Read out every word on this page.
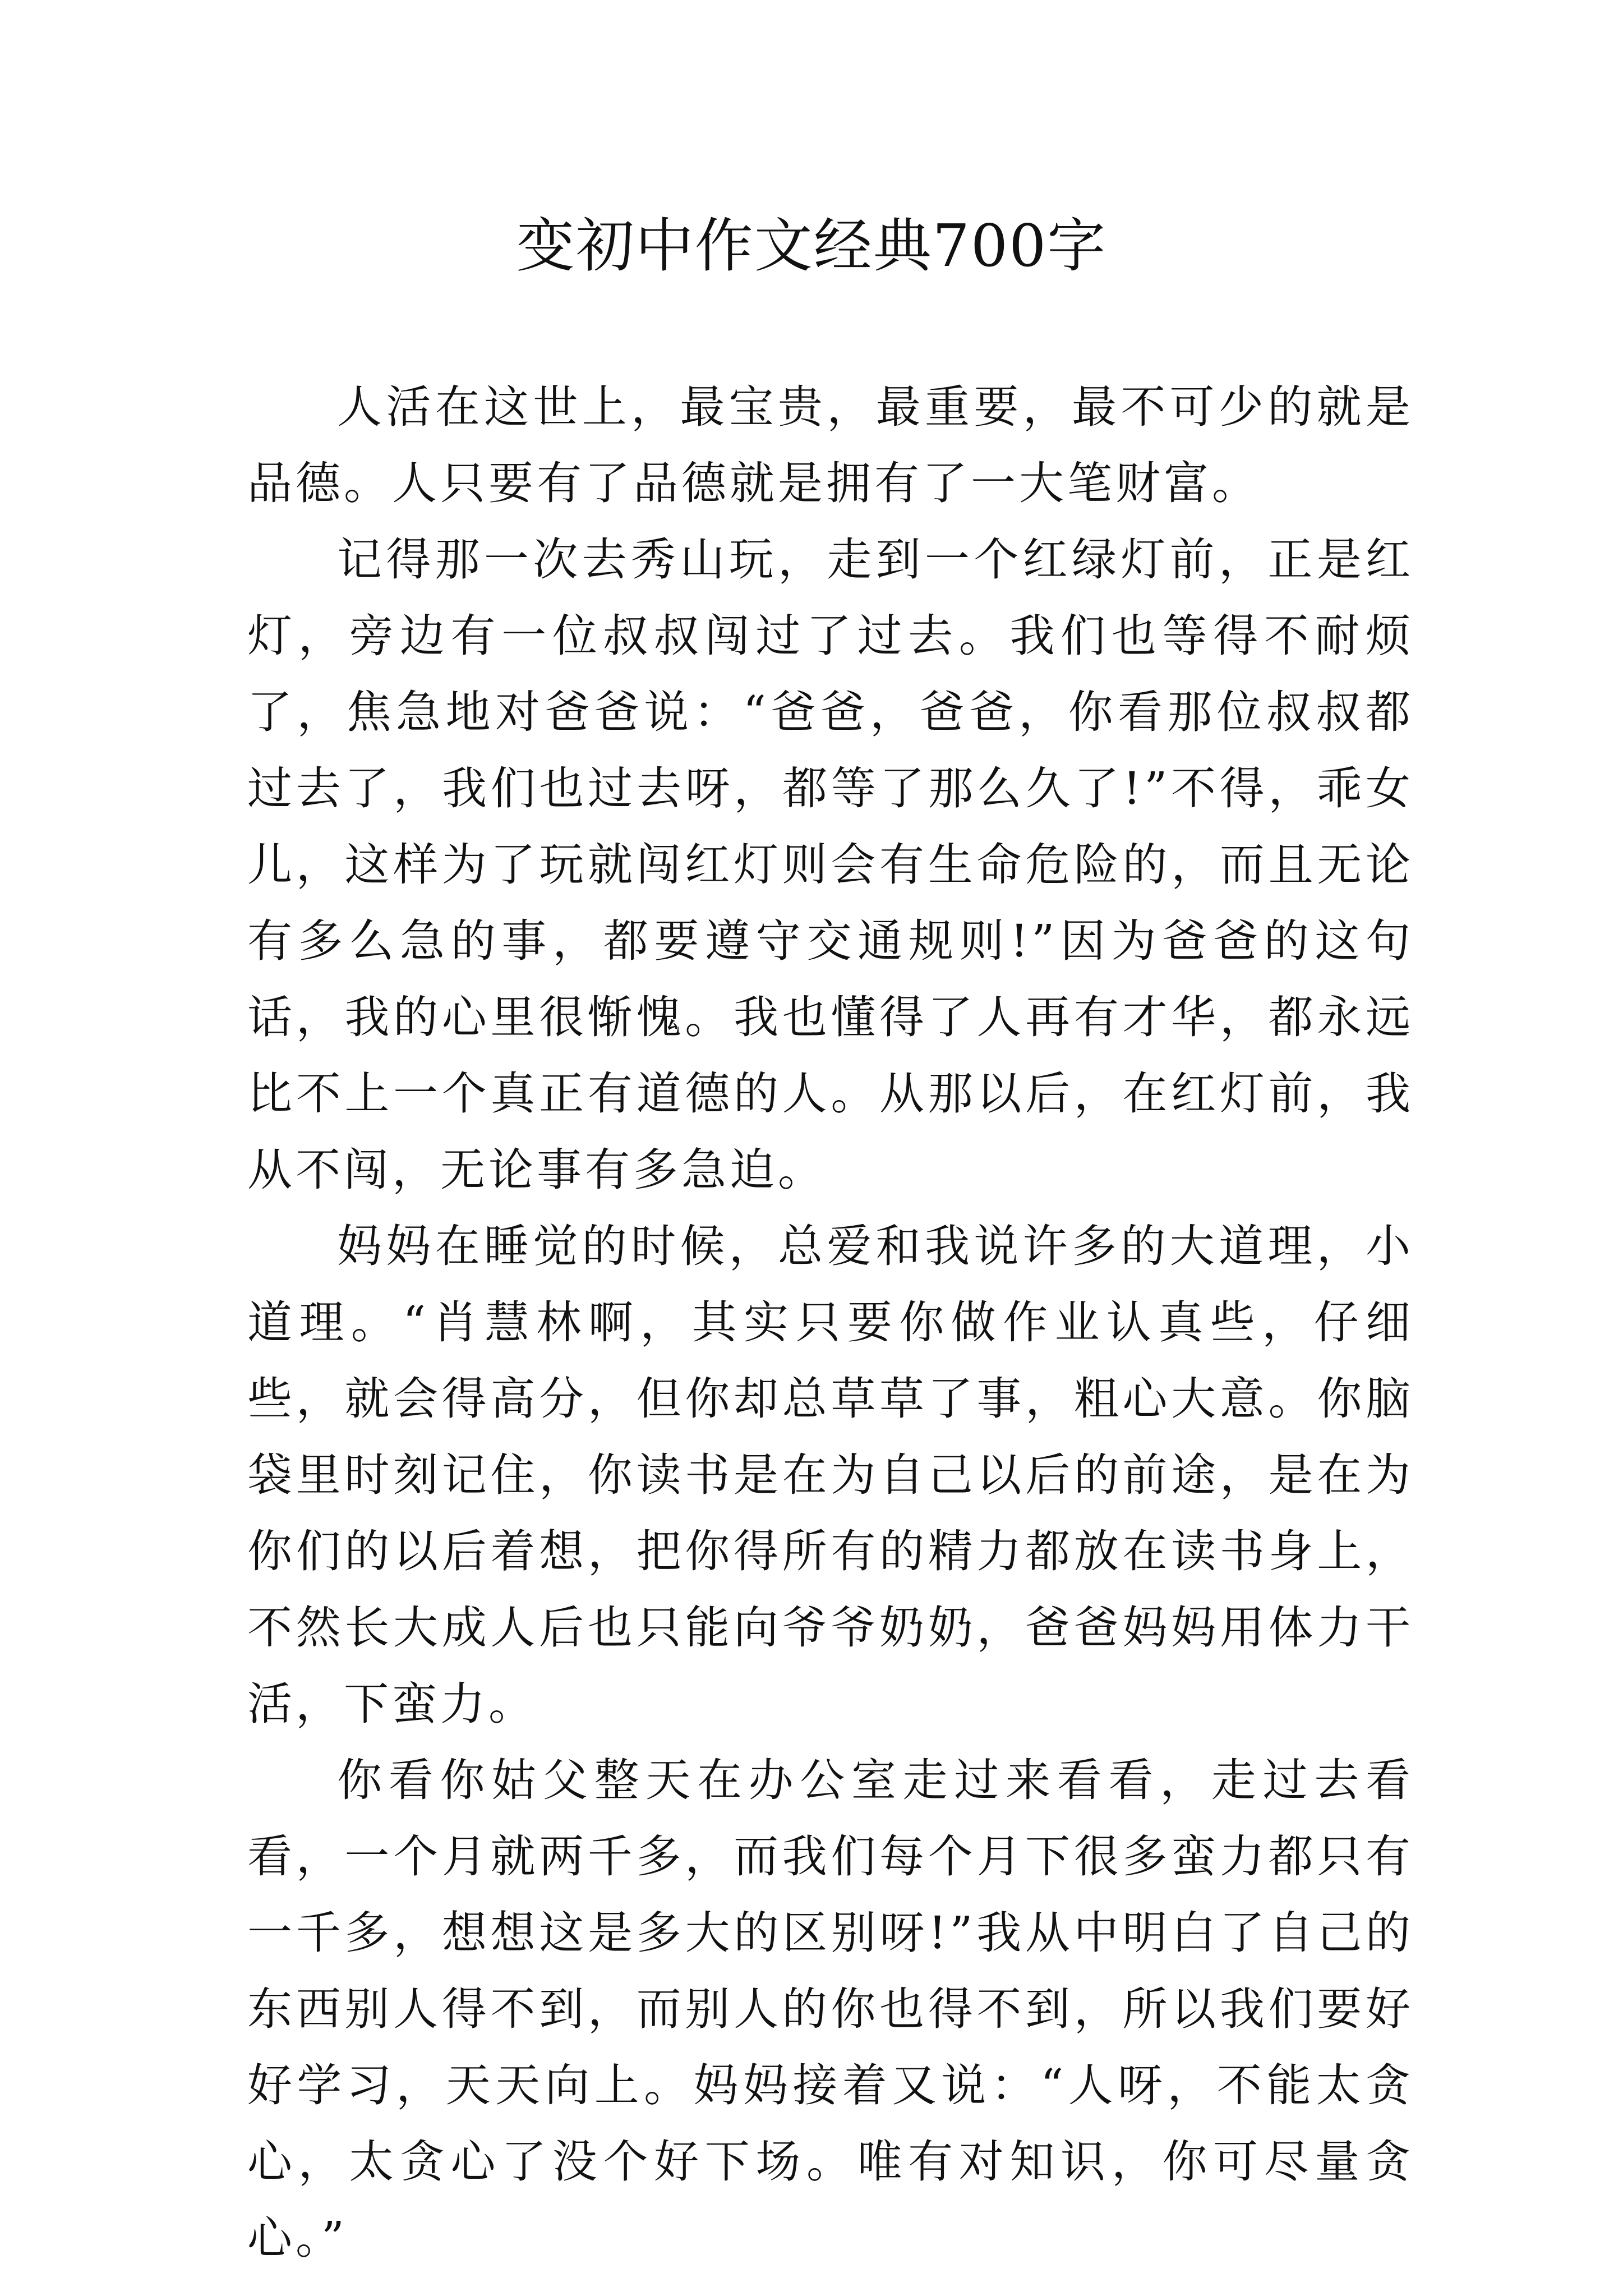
变初中作文经典700字

人活在这世上，最宝贵，最重要，最不可少的就是品德。人只要有了品德就是拥有了一大笔财富。

记得那一次去秀山玩，走到一个红绿灯前，正是红灯，旁边有一位叔叔闯过了过去。我们也等得不耐烦了，焦急地对爸爸说：“爸爸，爸爸，你看那位叔叔都过去了，我们也过去呀，都等了那么久了!”不得，乖女儿，这样为了玩就闯红灯则会有生命危险的，而且无论有多么急的事，都要遵守交通规则!”因为爸爸的这句话，我的心里很惭愧。我也懂得了人再有才华，都永远比不上一个真正有道德的人。从那以后，在红灯前，我从不闯，无论事有多急迫。

妈妈在睡觉的时候，总爱和我说许多的大道理，小道理。“肖慧林啊，其实只要你做作业认真些，仔细些，就会得高分，但你却总草草了事，粗心大意。你脑袋里时刻记住，你读书是在为自己以后的前途，是在为你们的以后着想，把你得所有的精力都放在读书身上，不然长大成人后也只能向爷爷奶奶，爸爸妈妈用体力干活，下蛮力。

你看你姑父整天在办公室走过来看看，走过去看看，一个月就两千多，而我们每个月下很多蛮力都只有一千多，想想这是多大的区别呀!”我从中明白了自己的东西别人得不到，而别人的你也得不到，所以我们要好好学习，天天向上。妈妈接着又说：“人呀，不能太贪心，太贪心了没个好下场。唯有对知识，你可尽量贪心。”
